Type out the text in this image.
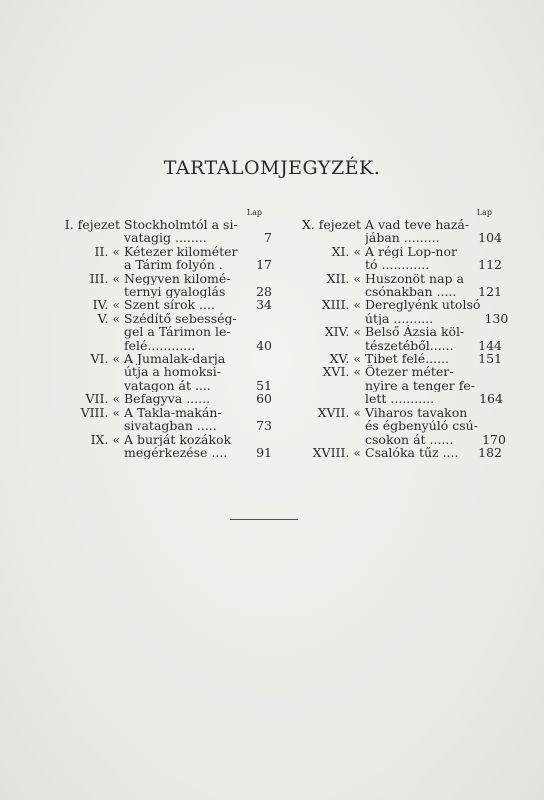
TARTALOMJEGYZÉK.
Lap
I. fejezet Stockholmtól a si-
vatagig ........	7
II. « Kétezer kilométer
a Tárim folyón .	17
III. « Negyven kilomé-
ternyi gyaloglás	28
IV. « Szent sírok ....	34
V. « Szédítő sebesség-
gel a Tárimon le-
felé............	40
VI. « A Jumalak-darja
útja a homoksi-
vatagon át ....	51
VII. « Befagyva ......	60
VIII. « A Takla-makán-
sivatagban .....	73
IX. « A burját kozákok
megérkezése ....	91
Lap
X. fejezet A vad teve hazá-
jában .........	104
XI. « A régi Lop-nor
tó ............	112
XII. « Huszonöt nap a
csónakban .....	121
XIII. « Dereglyénk utolsó
útja ..........	130
XIV. « Belső Ázsia köl-
tészetéből......	144
XV. « Tibet felé......	151
XVI. « Ötezer méter-
nyire a tenger fe-
lett ...........	164
XVII. « Viharos tavakon
és égbenyúló csú-
csokon át ......	170
XVIII. « Csalóka tűz ....	182
